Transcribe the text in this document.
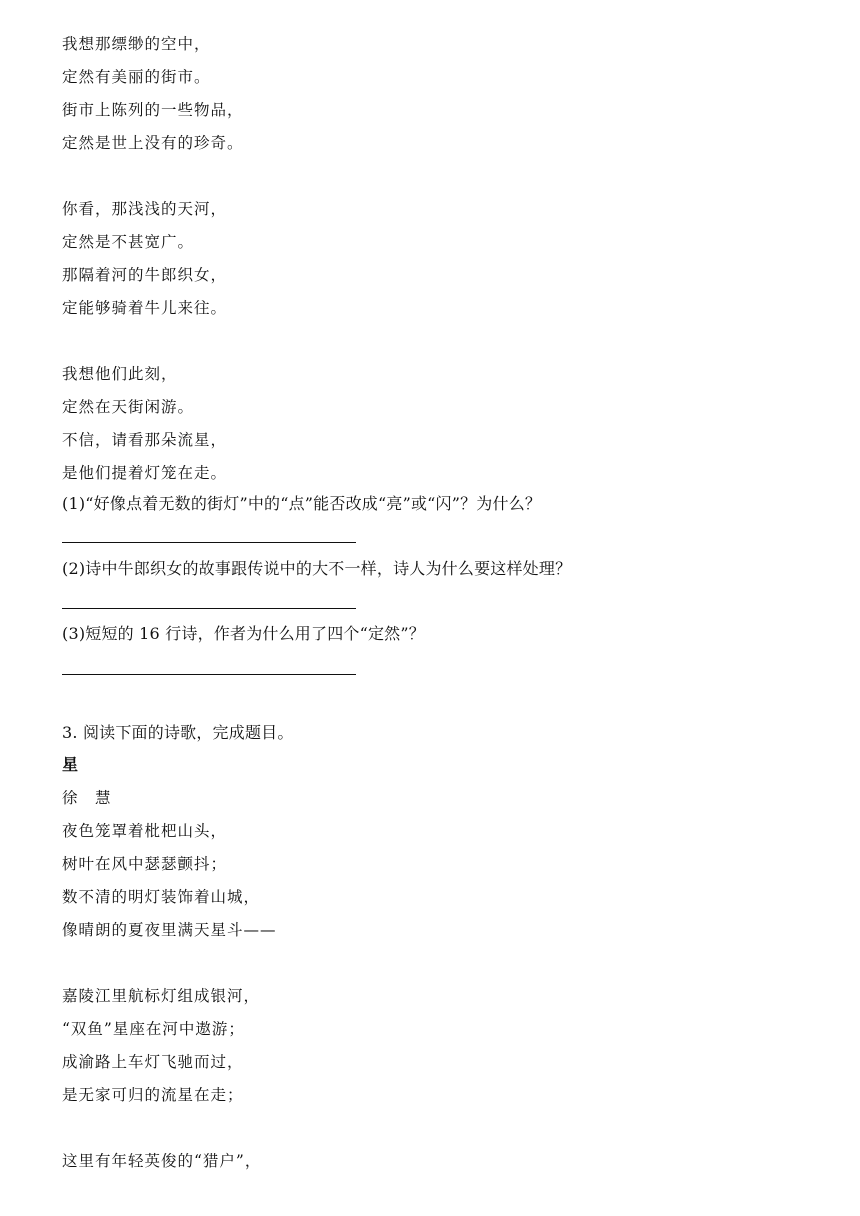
我想那缥缈的空中，
定然有美丽的街市。
街市上陈列的一些物品，
定然是世上没有的珍奇。
你看，那浅浅的天河，
定然是不甚宽广。
那隔着河的牛郎织女，
定能够骑着牛儿来往。
我想他们此刻，
定然在天街闲游。
不信，请看那朵流星，
是他们提着灯笼在走。
(1)“好像点着无数的街灯”中的“点”能否改成“亮”或“闪”？为什么？
(2)诗中牛郎织女的故事跟传说中的大不一样，诗人为什么要这样处理？
(3)短短的 16 行诗，作者为什么用了四个“定然”？
3. 阅读下面的诗歌，完成题目。
星
徐　慧
夜色笼罩着枇杷山头，
树叶在风中瑟瑟颤抖；
数不清的明灯装饰着山城，
像晴朗的夏夜里满天星斗——
嘉陵江里航标灯组成银河，
“双鱼”星座在河中遨游；
成渝路上车灯飞驰而过，
是无家可归的流星在走；
这里有年轻英俊的“猎户”，
